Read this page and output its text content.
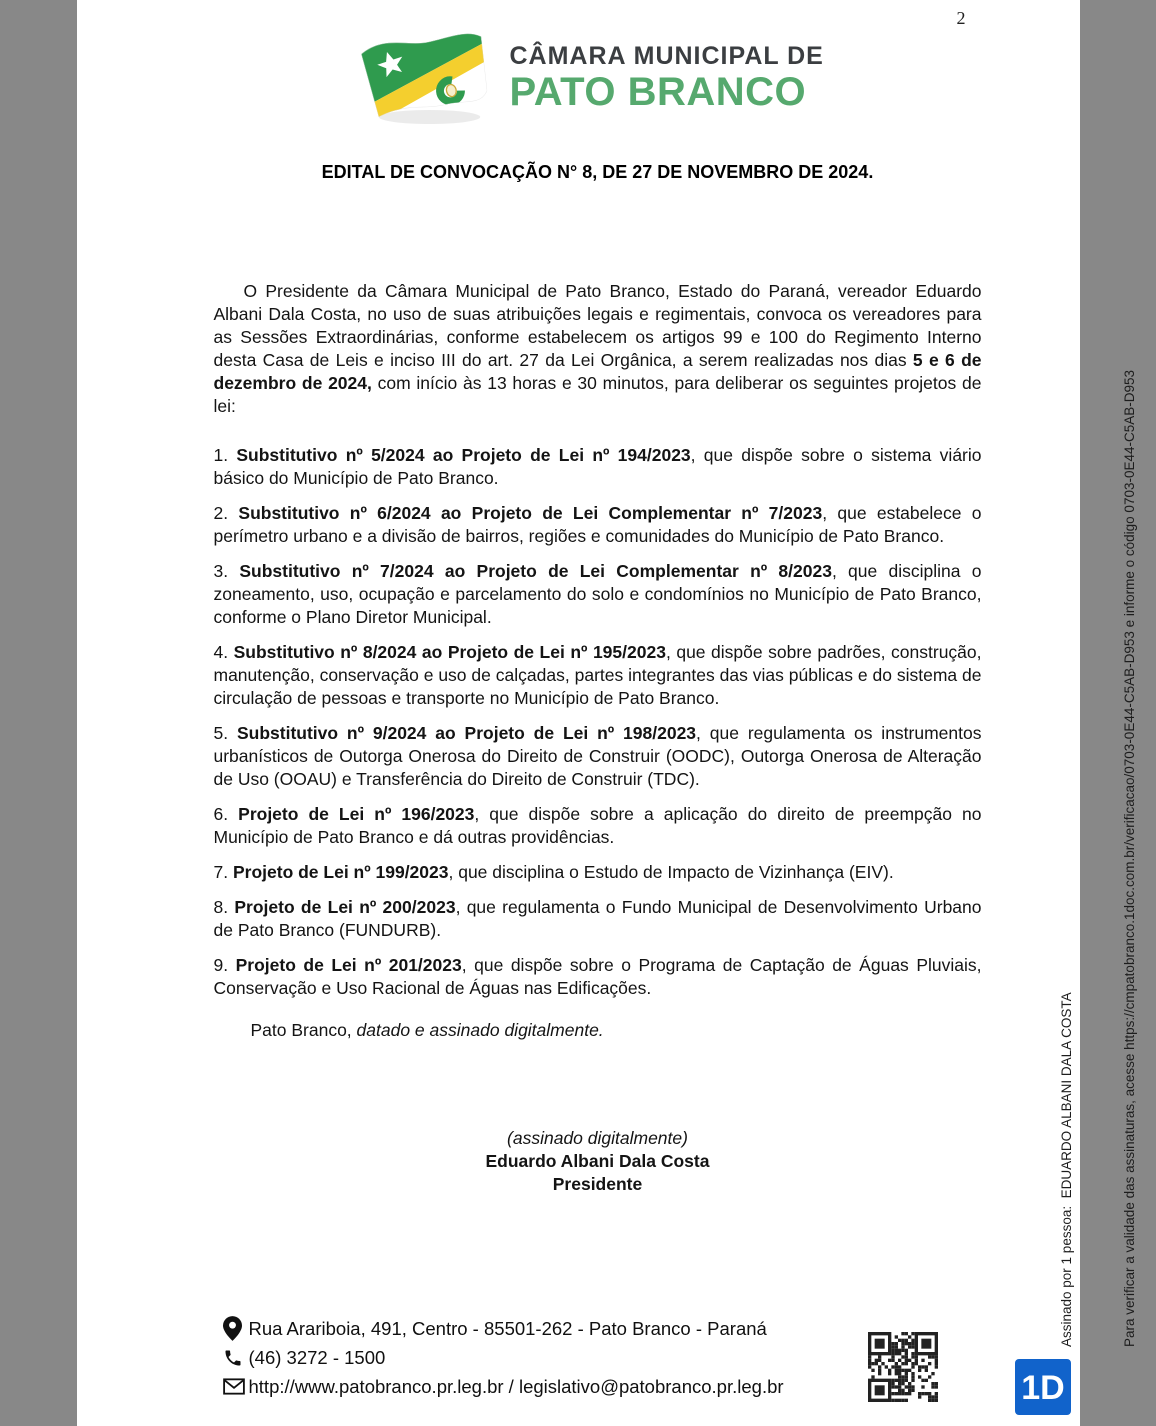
2
CÂMARA MUNICIPAL DE
PATO BRANCO
EDITAL DE CONVOCAÇÃO N° 8, DE 27 DE NOVEMBRO DE 2024.

O Presidente da Câmara Municipal de Pato Branco, Estado do Paraná, vereador Eduardo Albani Dala Costa, no uso de suas atribuições legais e regimentais, convoca os vereadores para as Sessões Extraordinárias, conforme estabelecem os artigos 99 e 100 do Regimento Interno desta Casa de Leis e inciso III do art. 27 da Lei Orgânica, a serem realizadas nos dias 5 e 6 de dezembro de 2024, com início às 13 horas e 30 minutos, para deliberar os seguintes projetos de lei:

1. Substitutivo nº 5/2024 ao Projeto de Lei nº 194/2023, que dispõe sobre o sistema viário básico do Município de Pato Branco.

2. Substitutivo nº 6/2024 ao Projeto de Lei Complementar nº 7/2023, que estabelece o perímetro urbano e a divisão de bairros, regiões e comunidades do Município de Pato Branco.

3. Substitutivo nº 7/2024 ao Projeto de Lei Complementar nº 8/2023, que disciplina o zoneamento, uso, ocupação e parcelamento do solo e condomínios no Município de Pato Branco, conforme o Plano Diretor Municipal.

4. Substitutivo nº 8/2024 ao Projeto de Lei nº 195/2023, que dispõe sobre padrões, construção, manutenção, conservação e uso de calçadas, partes integrantes das vias públicas e do sistema de circulação de pessoas e transporte no Município de Pato Branco.

5. Substitutivo nº 9/2024 ao Projeto de Lei nº 198/2023, que regulamenta os instrumentos urbanísticos de Outorga Onerosa do Direito de Construir (OODC), Outorga Onerosa de Alteração de Uso (OOAU) e Transferência do Direito de Construir (TDC).

6. Projeto de Lei nº 196/2023, que dispõe sobre a aplicação do direito de preempção no Município de Pato Branco e dá outras providências.

7. Projeto de Lei nº 199/2023, que disciplina o Estudo de Impacto de Vizinhança (EIV).

8. Projeto de Lei nº 200/2023, que regulamenta o Fundo Municipal de Desenvolvimento Urbano de Pato Branco (FUNDURB).

9. Projeto de Lei nº 201/2023, que dispõe sobre o Programa de Captação de Águas Pluviais, Conservação e Uso Racional de Águas nas Edificações.

Pato Branco, datado e assinado digitalmente.

(assinado digitalmente)
Eduardo Albani Dala Costa
Presidente
Rua Arariboia, 491, Centro - 85501-262 - Pato Branco - Paraná
(46) 3272 - 1500
http://www.patobranco.pr.leg.br / legislativo@patobranco.pr.leg.br	1D

Assinado por 1 pessoa:  EDUARDO ALBANI DALA COSTA

	Para verificar a validade das assinaturas, acesse https://cmpatobranco.1doc.com.br/verificacao/0703-0E44-C5AB-D953 e informe o código 0703-0E44-C5AB-D953
